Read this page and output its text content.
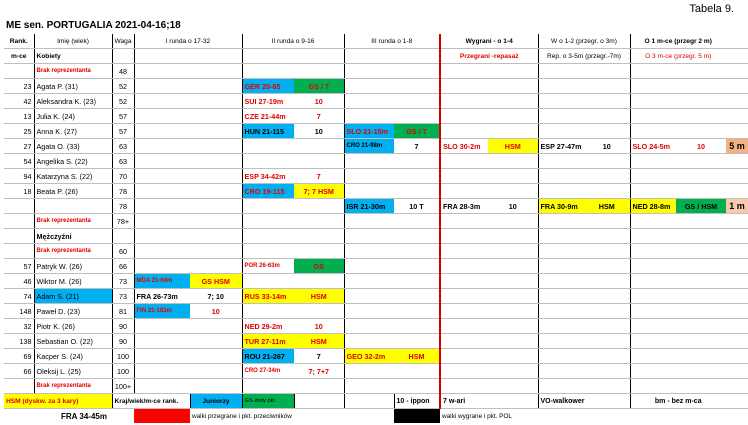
Tabela 9.
ME sen. PORTUGALIA 2021-04-16;18
Rank.	Imię (wiek)	Waga	I runda o 17-32		II runda o 9-16		III runda o 1-8		Wygrani - o 1-4		W o 1-2 (przegr. o 3m)		O 1 m-ce (przegr 2 m)		
m-ce	Kobiety								Przegrani -repasaż		Rep. o 3-5m (przegr.-7m)		O 3 m-ce (przegr. 5 m)		
	Brak reprezentanta	48													
23	Agata P. (31)	52			GER 20-85	GS / 7									
42	Aleksandra K. (23)	52			SUI 27-19m	10									
13	Julia K. (24)	57			CZE 21-44m	7									
25	Anna K. (27)	57			HUN 21-115	10	SLO 21-15m	GS / 7							
27	Agata O. (33)	63					CRO 21-98m	7	SLO 30-2m	HSM	ESP 27-47m	10	SLO 24-5m	10	5 m
54	Angelika S. (22)	63													
94	Katarzyna S. (22)	70			ESP 34-42m	7									
18	Beata P. (26)	78			CRO 19-115	7; 7 HSM									
		78					ISR 21-30m	10 T	FRA 28-3m	10	FRA 30-9m	HSM	NED 28-8m	GS / HSM	1 m
	Brak reprezentanta	78+													
	Mężczyźni														
	Brak reprezentanta	60													
57	Patryk W. (26)	66			POR 26-63m	GS									
46	Wiktor M. (26)	73	MDA 21-64m	GS HSM											
74	Adam S. (21)	73	FRA 26-73m	7; 10	RUS 33-14m	HSM									
148	Paweł D. (23)	81	FIN 21-183m	10											
32	Piotr K. (26)	90			NED 29-2m	10									
138	Sebastian O. (22)	90			TUR 27-11m	HSM									
69	Kacper S. (24)	100			ROU 21-267	7	GEO 32-2m	HSM							
66	Oleksij L. (25)	100			CRO 27-34m	7; 7+7									
	Brak reprezentanta	100+													
HSM (dyskw. za 3 kary)		Kraj/wiek/m-ce rank.		Juniorzy	GS-złoty pkt.			10 - ippon	7 w-ari		VO-walkower		bm - bez m-ca		
	FRA 34-45m			walki przegrane i pkt. przeciwników					walki wygrane i pkt. POL						
